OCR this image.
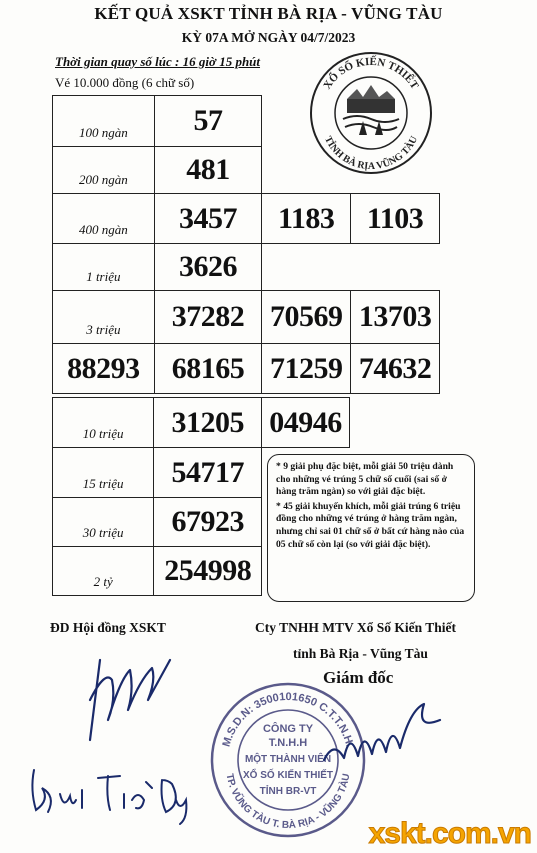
KẾT QUẢ XSKT TỈNH BÀ RỊA - VŨNG TÀU
KỲ 07A MỞ NGÀY 04/7/2023
Thời gian quay số lúc : 16 giờ 15 phút
Vé 10.000 đồng (6 chữ số)	XỔ SỐ KIẾN THIẾT
TỈNH BÀ RỊA VŨNG TÀU
100 ngàn	57		
200 ngàn	481		
400 ngàn	3457	1183	1103
1 triệu	3626		
3 triệu	37282	70569	13703
88293	68165	71259	74632
10 triệu	31205	04946
15 triệu	54717	
30 triệu	67923	
2 tỷ	254998	

* 9 giải phụ đặc biệt, mỗi giải 50 triệu dành cho những vé trúng 5 chữ số cuối (sai số ở hàng trăm ngàn) so với giải đặc biệt.

* 45 giải khuyến khích, mỗi giải trúng 6 triệu đồng cho những vé trúng ở hàng trăm ngàn, nhưng chỉ sai 01 chữ số ở bất cứ hàng nào của 05 chữ số còn lại (so với giải đặc biệt).

ĐD Hội đồng XSKT	Cty TNHH MTV Xổ Số Kiến Thiết
tỉnh Bà Rịa - Vũng Tàu
Giám đốc
M.S.D.N: 3500101650 C.T.T.N.H.
TP. VŨNG TÀU T. BÀ RỊA - VŨNG TÀU
CÔNG TY
T.N.H.H
MỘT THÀNH VIÊN
XỔ SỐ KIẾN THIẾT
TỈNH BR-VT
xskt.com.vn
